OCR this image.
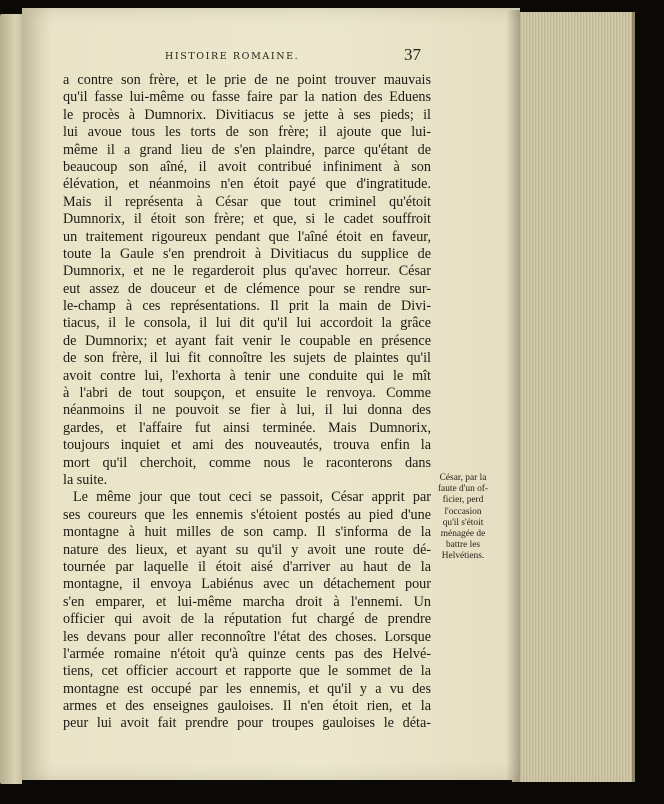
HISTOIRE ROMAINE.	37
a contre son frère, et le prie de ne point trouver mauvais
qu'il fasse lui-même ou fasse faire par la nation des Eduens
le procès à Dumnorix. Divitiacus se jette à ses pieds; il
lui avoue tous les torts de son frère; il ajoute que lui-
même il a grand lieu de s'en plaindre, parce qu'étant de
beaucoup son aîné, il avoit contribué infiniment à son
élévation, et néanmoins n'en étoit payé que d'ingratitude.
Mais il représenta à César que tout criminel qu'étoit
Dumnorix, il étoit son frère; et que, si le cadet souffroit
un traitement rigoureux pendant que l'aîné étoit en faveur,
toute la Gaule s'en prendroit à Divitiacus du supplice de
Dumnorix, et ne le regarderoit plus qu'avec horreur. César
eut assez de douceur et de clémence pour se rendre sur-
le-champ à ces représentations. Il prit la main de Divi-
tiacus, il le consola, il lui dit qu'il lui accordoit la grâce
de Dumnorix; et ayant fait venir le coupable en présence
de son frère, il lui fit connoître les sujets de plaintes qu'il
avoit contre lui, l'exhorta à tenir une conduite qui le mît
à l'abri de tout soupçon, et ensuite le renvoya. Comme
néanmoins il ne pouvoit se fier à lui, il lui donna des
gardes, et l'affaire fut ainsi terminée. Mais Dumnorix,
toujours inquiet et ami des nouveautés, trouva enfin la
mort qu'il cherchoit, comme nous le raconterons dans
la suite.
Le même jour que tout ceci se passoit, César apprit par
ses coureurs que les ennemis s'étoient postés au pied d'une
montagne à huit milles de son camp. Il s'informa de la
nature des lieux, et ayant su qu'il y avoit une route dé-
tournée par laquelle il étoit aisé d'arriver au haut de la
montagne, il envoya Labiénus avec un détachement pour
s'en emparer, et lui-même marcha droit à l'ennemi. Un
officier qui avoit de la réputation fut chargé de prendre
les devans pour aller reconnoître l'état des choses. Lorsque
l'armée romaine n'étoit qu'à quinze cents pas des Helvé-
tiens, cet officier accourt et rapporte que le sommet de la
montagne est occupé par les ennemis, et qu'il y a vu des
armes et des enseignes gauloises. Il n'en étoit rien, et la
peur lui avoit fait prendre pour troupes gauloises le déta-
César, par la
faute d'un of-
ficier, perd
l'occasion
qu'il s'étoit
ménagée de
battre les
Helvétiens.
